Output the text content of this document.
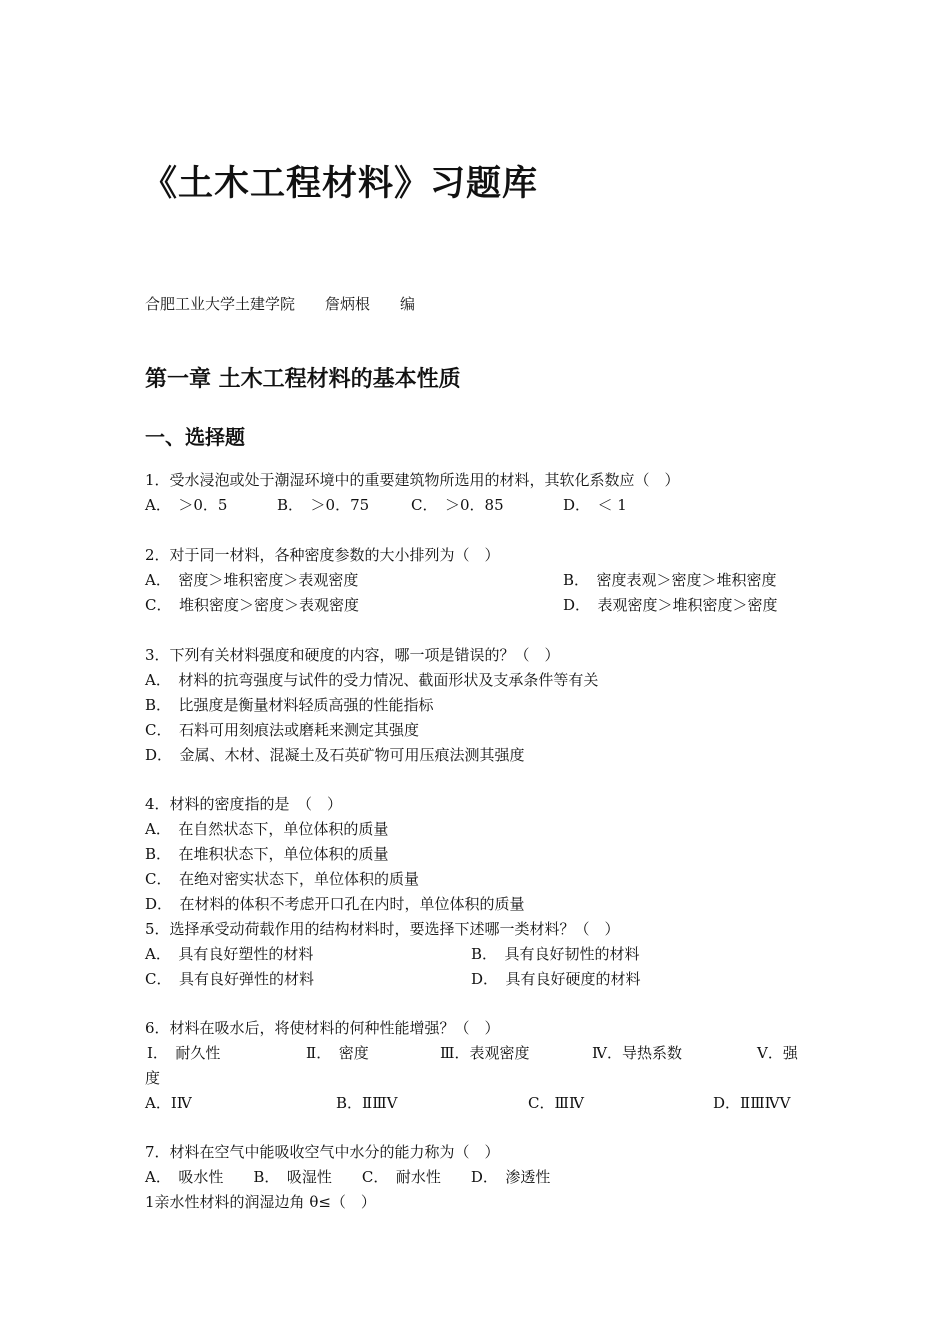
《土木工程材料》习题库
合肥工业大学土建学院　　詹炳根　　编
第一章 土木工程材料的基本性质
一、选择题
1．受水浸泡或处于潮湿环境中的重要建筑物所选用的材料，其软化系数应（　）
A．　＞0．5	B．　＞0．75	C．　＞0．85	D．　＜ 1
2．对于同一材料，各种密度参数的大小排列为（　）
A．　密度＞堆积密度＞表观密度	B．　密度表观＞密度＞堆积密度
C．　堆积密度＞密度＞表观密度	D．　表观密度＞堆积密度＞密度
3．下列有关材料强度和硬度的内容，哪一项是错误的？（　）
A．　材料的抗弯强度与试件的受力情况、截面形状及支承条件等有关
B．　比强度是衡量材料轻质高强的性能指标
C．　石料可用刻痕法或磨耗来测定其强度
D．　金属、木材、混凝土及石英矿物可用压痕法测其强度
4．材料的密度指的是　（　）
A．　在自然状态下，单位体积的质量
B．　在堆积状态下，单位体积的质量
C．　在绝对密实状态下，单位体积的质量
D．　在材料的体积不考虑开口孔在内时，单位体积的质量
5．选择承受动荷载作用的结构材料时，要选择下述哪一类材料？（　）
A．　具有良好塑性的材料	B．　具有良好韧性的材料
C．　具有良好弹性的材料	D．　具有良好硬度的材料
6．材料在吸水后，将使材料的何种性能增强？（　）
Ⅰ．　耐久性	Ⅱ．　密度	Ⅲ．表观密度	Ⅳ．导热系数	Ⅴ．强
度
A．ⅠⅣ	B．ⅡⅢⅤ	C．ⅢⅣ	D．ⅡⅢⅣⅤ
7．材料在空气中能吸收空气中水分的能力称为（　）
A．　吸水性　　B．　吸湿性　　C．　耐水性　　D．　渗透性
1亲水性材料的润湿边角 θ≤（　）
